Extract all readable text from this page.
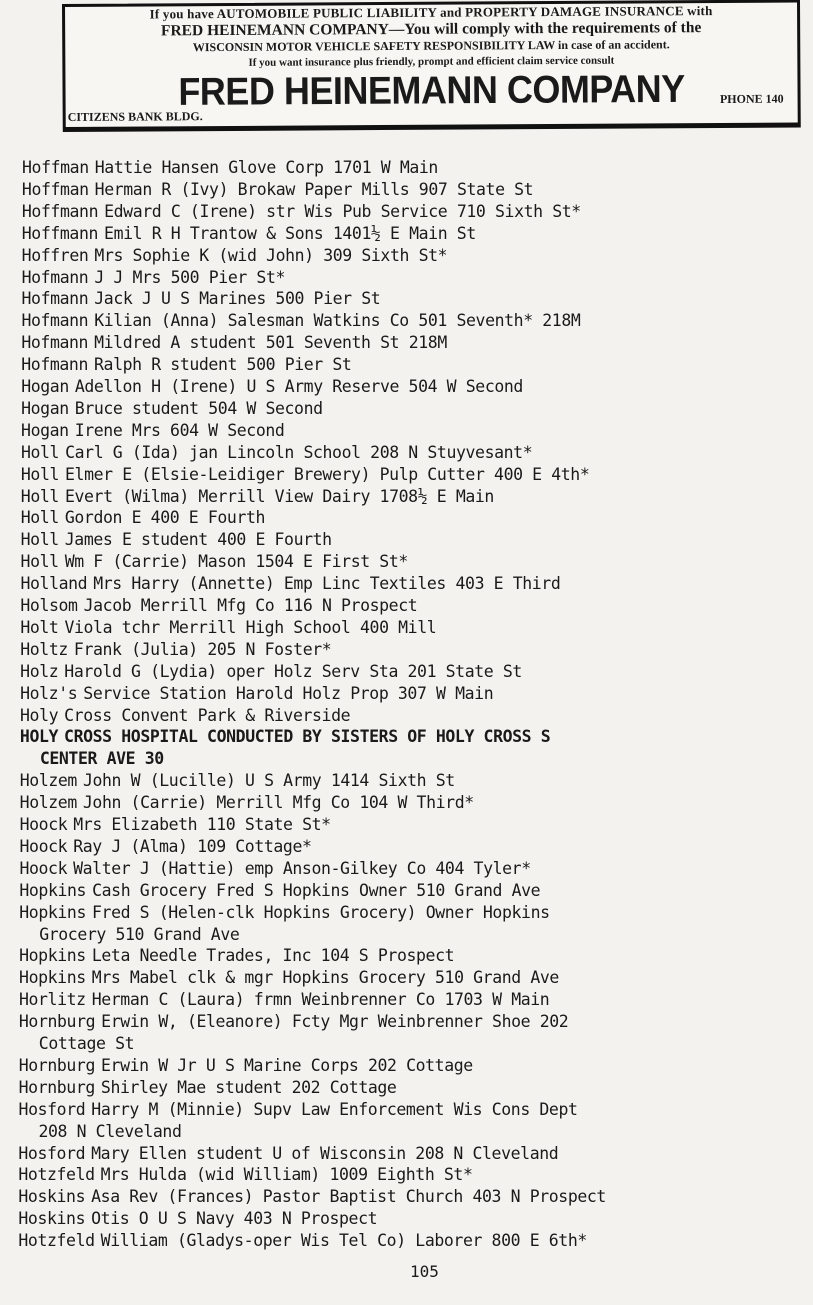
If you have AUTOMOBILE PUBLIC LIABILITY and PROPERTY DAMAGE INSURANCE with
FRED HEINEMANN COMPANY—You will comply with the requirements of the
WISCONSIN MOTOR VEHICLE SAFETY RESPONSIBILITY LAW in case of an accident.
If you want insurance plus friendly, prompt and efficient claim service consult
FRED HEINEMANN COMPANY
CITIZENS BANK BLDG.
PHONE 140
Hoffman Hattie Hansen Glove Corp 1701 W Main
Hoffman Herman R (Ivy) Brokaw Paper Mills 907 State St
Hoffmann Edward C (Irene) str Wis Pub Service 710 Sixth St*
Hoffmann Emil R H Trantow & Sons 1401½ E Main St
Hoffren Mrs Sophie K (wid John) 309 Sixth St*
Hofmann J J Mrs 500 Pier St*
Hofmann Jack J U S Marines 500 Pier St
Hofmann Kilian (Anna) Salesman Watkins Co 501 Seventh* 218M
Hofmann Mildred A student 501 Seventh St 218M
Hofmann Ralph R student 500 Pier St
Hogan Adellon H (Irene) U S Army Reserve 504 W Second
Hogan Bruce student 504 W Second
Hogan Irene Mrs 604 W Second
Holl Carl G (Ida) jan Lincoln School 208 N Stuyvesant*
Holl Elmer E (Elsie-Leidiger Brewery) Pulp Cutter 400 E 4th*
Holl Evert (Wilma) Merrill View Dairy 1708½ E Main
Holl Gordon E 400 E Fourth
Holl James E student 400 E Fourth
Holl Wm F (Carrie) Mason 1504 E First St*
Holland Mrs Harry (Annette) Emp Linc Textiles 403 E Third
Holsom Jacob Merrill Mfg Co 116 N Prospect
Holt Viola tchr Merrill High School 400 Mill
Holtz Frank (Julia) 205 N Foster*
Holz Harold G (Lydia) oper Holz Serv Sta 201 State St
Holz's Service Station Harold Holz Prop 307 W Main
Holy Cross Convent Park & Riverside
HOLY CROSS HOSPITAL CONDUCTED BY SISTERS OF HOLY CROSS S
CENTER AVE 30
Holzem John W (Lucille) U S Army 1414 Sixth St
Holzem John (Carrie) Merrill Mfg Co 104 W Third*
Hoock Mrs Elizabeth 110 State St*
Hoock Ray J (Alma) 109 Cottage*
Hoock Walter J (Hattie) emp Anson-Gilkey Co 404 Tyler*
Hopkins Cash Grocery Fred S Hopkins Owner 510 Grand Ave
Hopkins Fred S (Helen-clk Hopkins Grocery) Owner Hopkins
Grocery 510 Grand Ave
Hopkins Leta Needle Trades, Inc 104 S Prospect
Hopkins Mrs Mabel clk & mgr Hopkins Grocery 510 Grand Ave
Horlitz Herman C (Laura) frmn Weinbrenner Co 1703 W Main
Hornburg Erwin W, (Eleanore) Fcty Mgr Weinbrenner Shoe 202
Cottage St
Hornburg Erwin W Jr U S Marine Corps 202 Cottage
Hornburg Shirley Mae student 202 Cottage
Hosford Harry M (Minnie) Supv Law Enforcement Wis Cons Dept
208 N Cleveland
Hosford Mary Ellen student U of Wisconsin 208 N Cleveland
Hotzfeld Mrs Hulda (wid William) 1009 Eighth St*
Hoskins Asa Rev (Frances) Pastor Baptist Church 403 N Prospect
Hoskins Otis O U S Navy 403 N Prospect
Hotzfeld William (Gladys-oper Wis Tel Co) Laborer 800 E 6th*
105
